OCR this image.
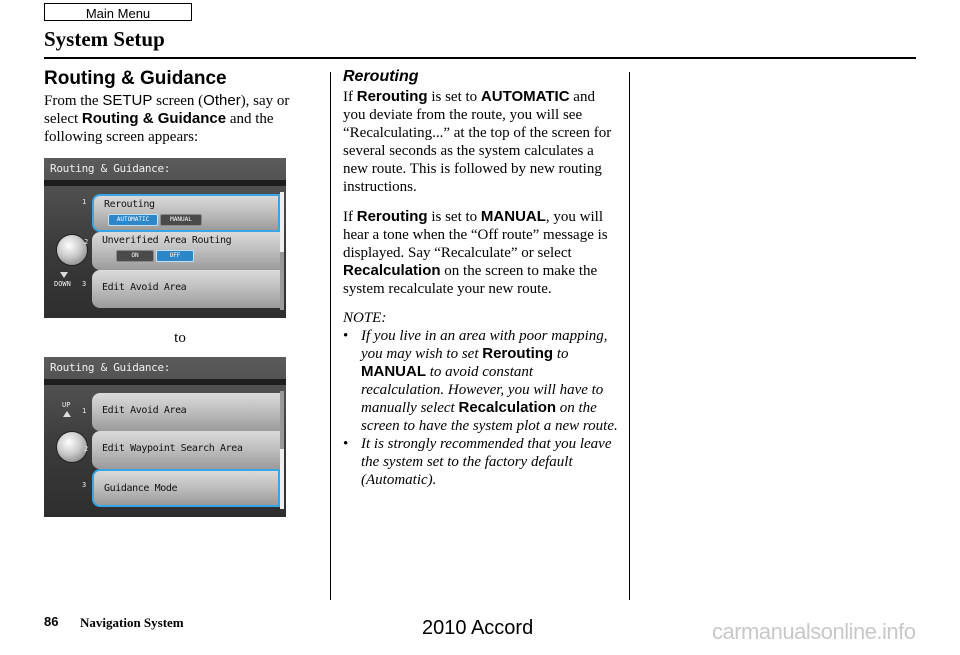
Main Menu
System Setup
Routing & Guidance

From the SETUP screen (Other), say or select Routing & Guidance and the following screen appears:

Routing & Guidance:
1
2
DOWN 3
Rerouting
AUTOMATIC	MANUAL
Unverified Area Routing
ON	OFF
Edit Avoid Area
to
Routing & Guidance:
UP
1
2
3
Edit Avoid Area
Edit Waypoint Search Area
Guidance Mode
Rerouting

If Rerouting is set to AUTOMATIC and you deviate from the route, you will see “Recalculating...” at the top of the screen for several seconds as the system calculates a new route. This is followed by new routing instructions.

If Rerouting is set to MANUAL, you will hear a tone when the “Off route” message is displayed. Say “Recalculate” or select Recalculation on the screen to make the system recalculate your new route.

NOTE:

• If you live in an area with poor mapping, you may wish to set Rerouting to MANUAL to avoid constant recalculation. However, you will have to manually select Recalculation on the screen to have the system plot a new route.
• It is strongly recommended that you leave the system set to the factory default (Automatic).
86 Navigation System	2010 Accord	carmanualsonline.info
